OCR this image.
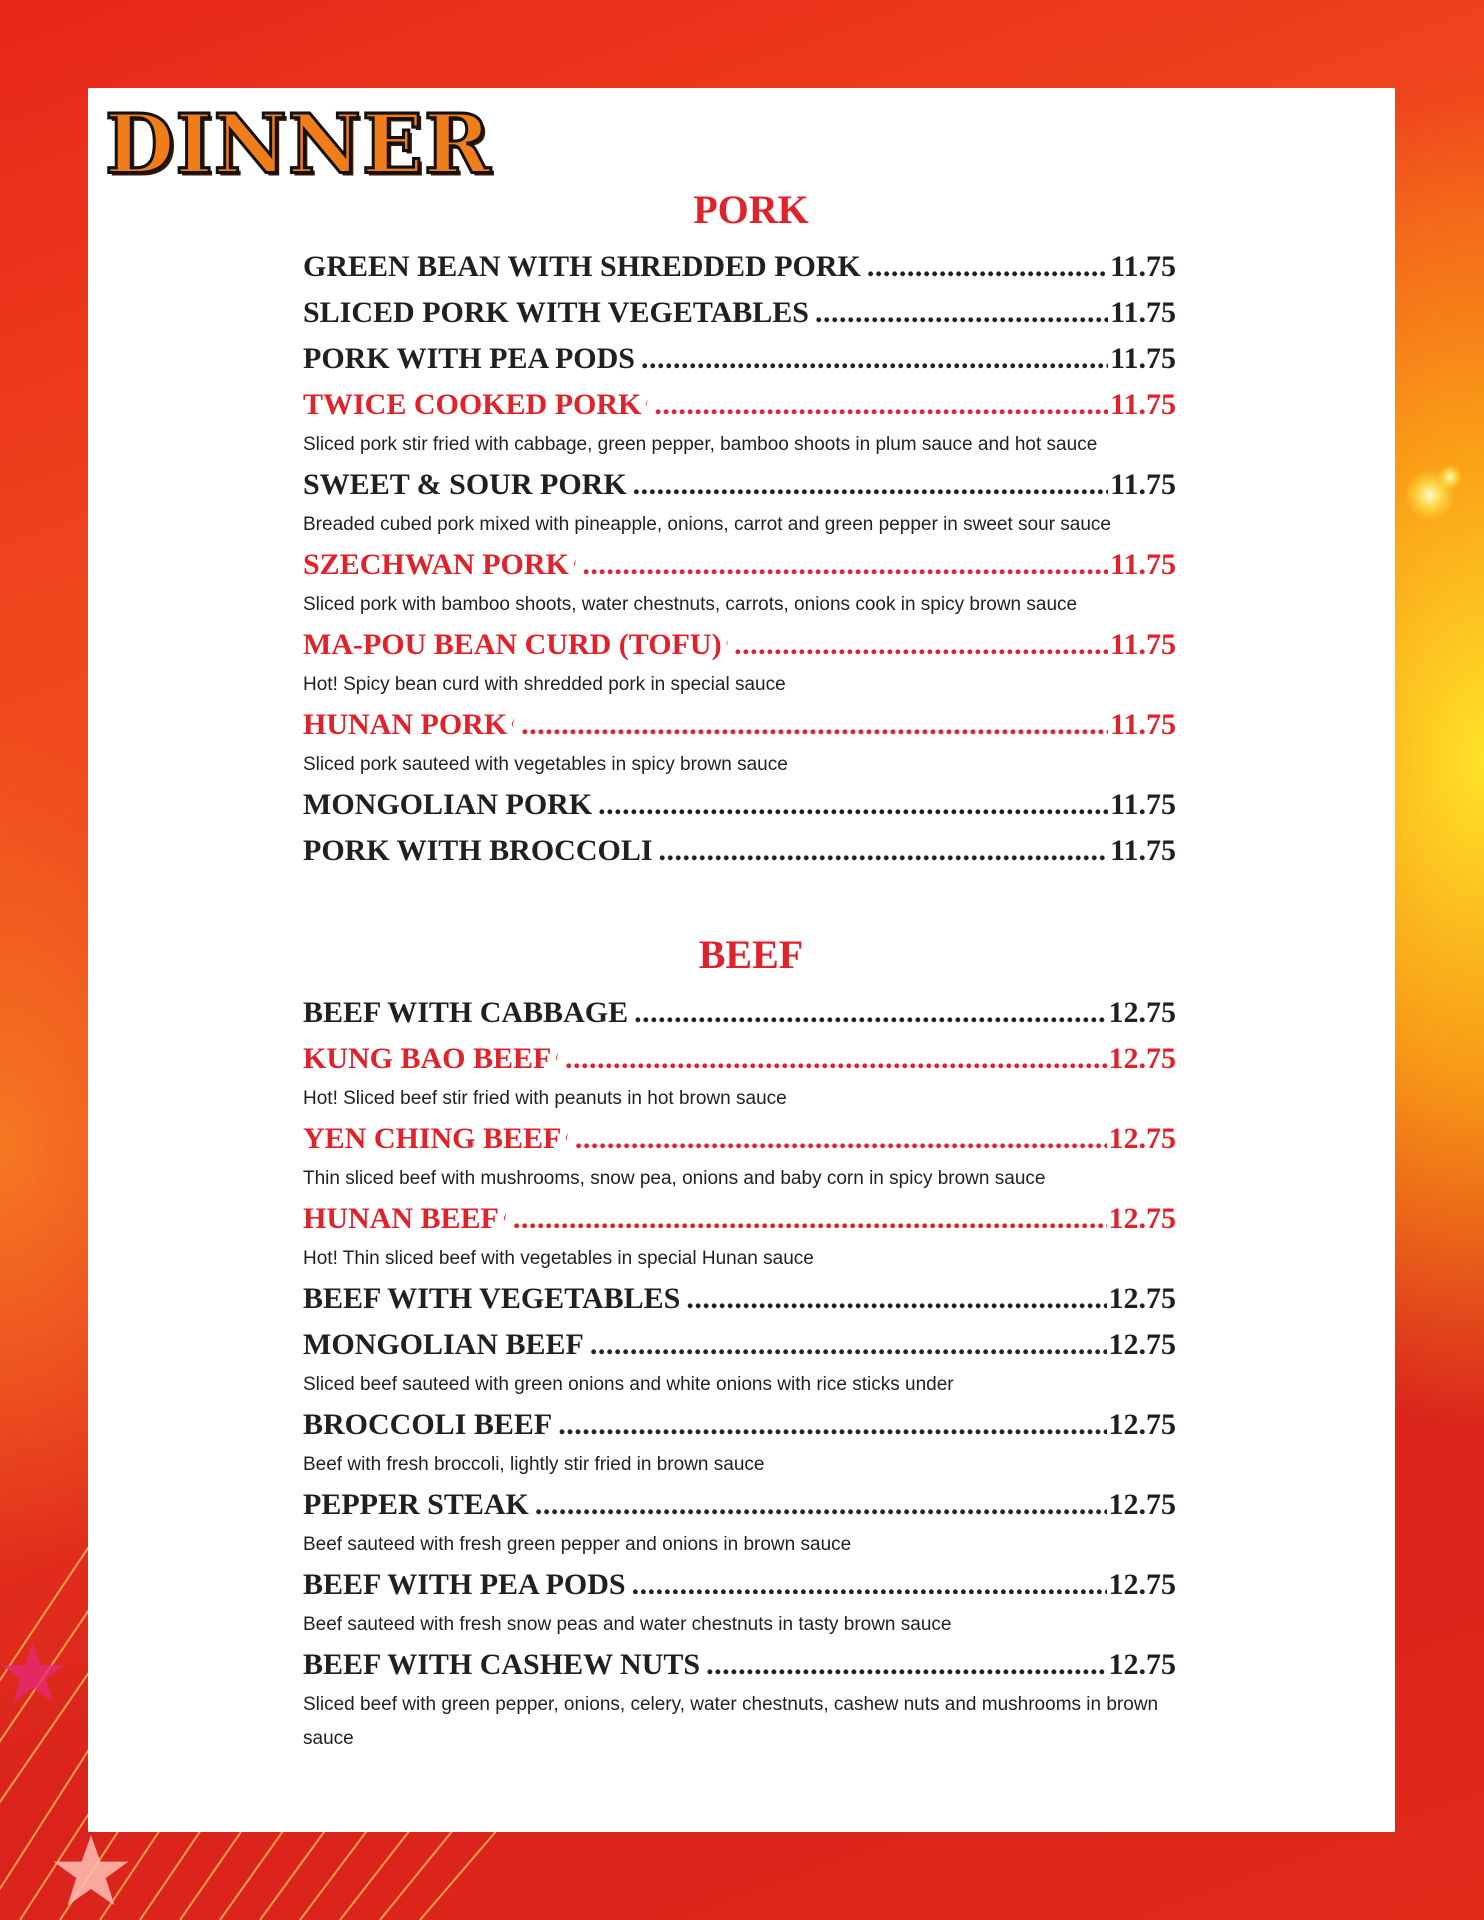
DINNER
PORK
GREEN BEAN WITH SHREDDED PORK .....	11.75
SLICED PORK WITH VEGETABLES .....	11.75
PORK WITH PEA PODS .....	11.75
TWICE COOKED PORK .....	11.75
Sliced pork stir fried with cabbage, green pepper, bamboo shoots in plum sauce and hot sauce
SWEET & SOUR PORK .....	11.75
Breaded cubed pork mixed with pineapple, onions, carrot and green pepper in sweet sour sauce
SZECHWAN PORK .....	11.75
Sliced pork with bamboo shoots, water chestnuts, carrots, onions cook in spicy brown sauce
MA-POU BEAN CURD (TOFU) .....	11.75
Hot! Spicy bean curd with shredded pork in special sauce
HUNAN PORK .....	11.75
Sliced pork sauteed with vegetables in spicy brown sauce
MONGOLIAN PORK .....	11.75
PORK WITH BROCCOLI .....	11.75
BEEF
BEEF WITH CABBAGE .....	12.75
KUNG BAO BEEF .....	12.75
Hot! Sliced beef stir fried with peanuts in hot brown sauce
YEN CHING BEEF .....	12.75
Thin sliced beef with mushrooms, snow pea, onions and baby corn in spicy brown sauce
HUNAN BEEF .....	12.75
Hot! Thin sliced beef with vegetables in special Hunan sauce
BEEF WITH VEGETABLES .....	12.75
MONGOLIAN BEEF .....	12.75
Sliced beef sauteed with green onions and white onions with rice sticks under
BROCCOLI BEEF .....	12.75
Beef with fresh broccoli, lightly stir fried in brown sauce
PEPPER STEAK .....	12.75
Beef sauteed with fresh green pepper and onions in brown sauce
BEEF WITH PEA PODS .....	12.75
Beef sauteed with fresh snow peas and water chestnuts in tasty brown sauce
BEEF WITH CASHEW NUTS .....	12.75
Sliced beef with green pepper, onions, celery, water chestnuts, cashew nuts and mushrooms in brown sauce
